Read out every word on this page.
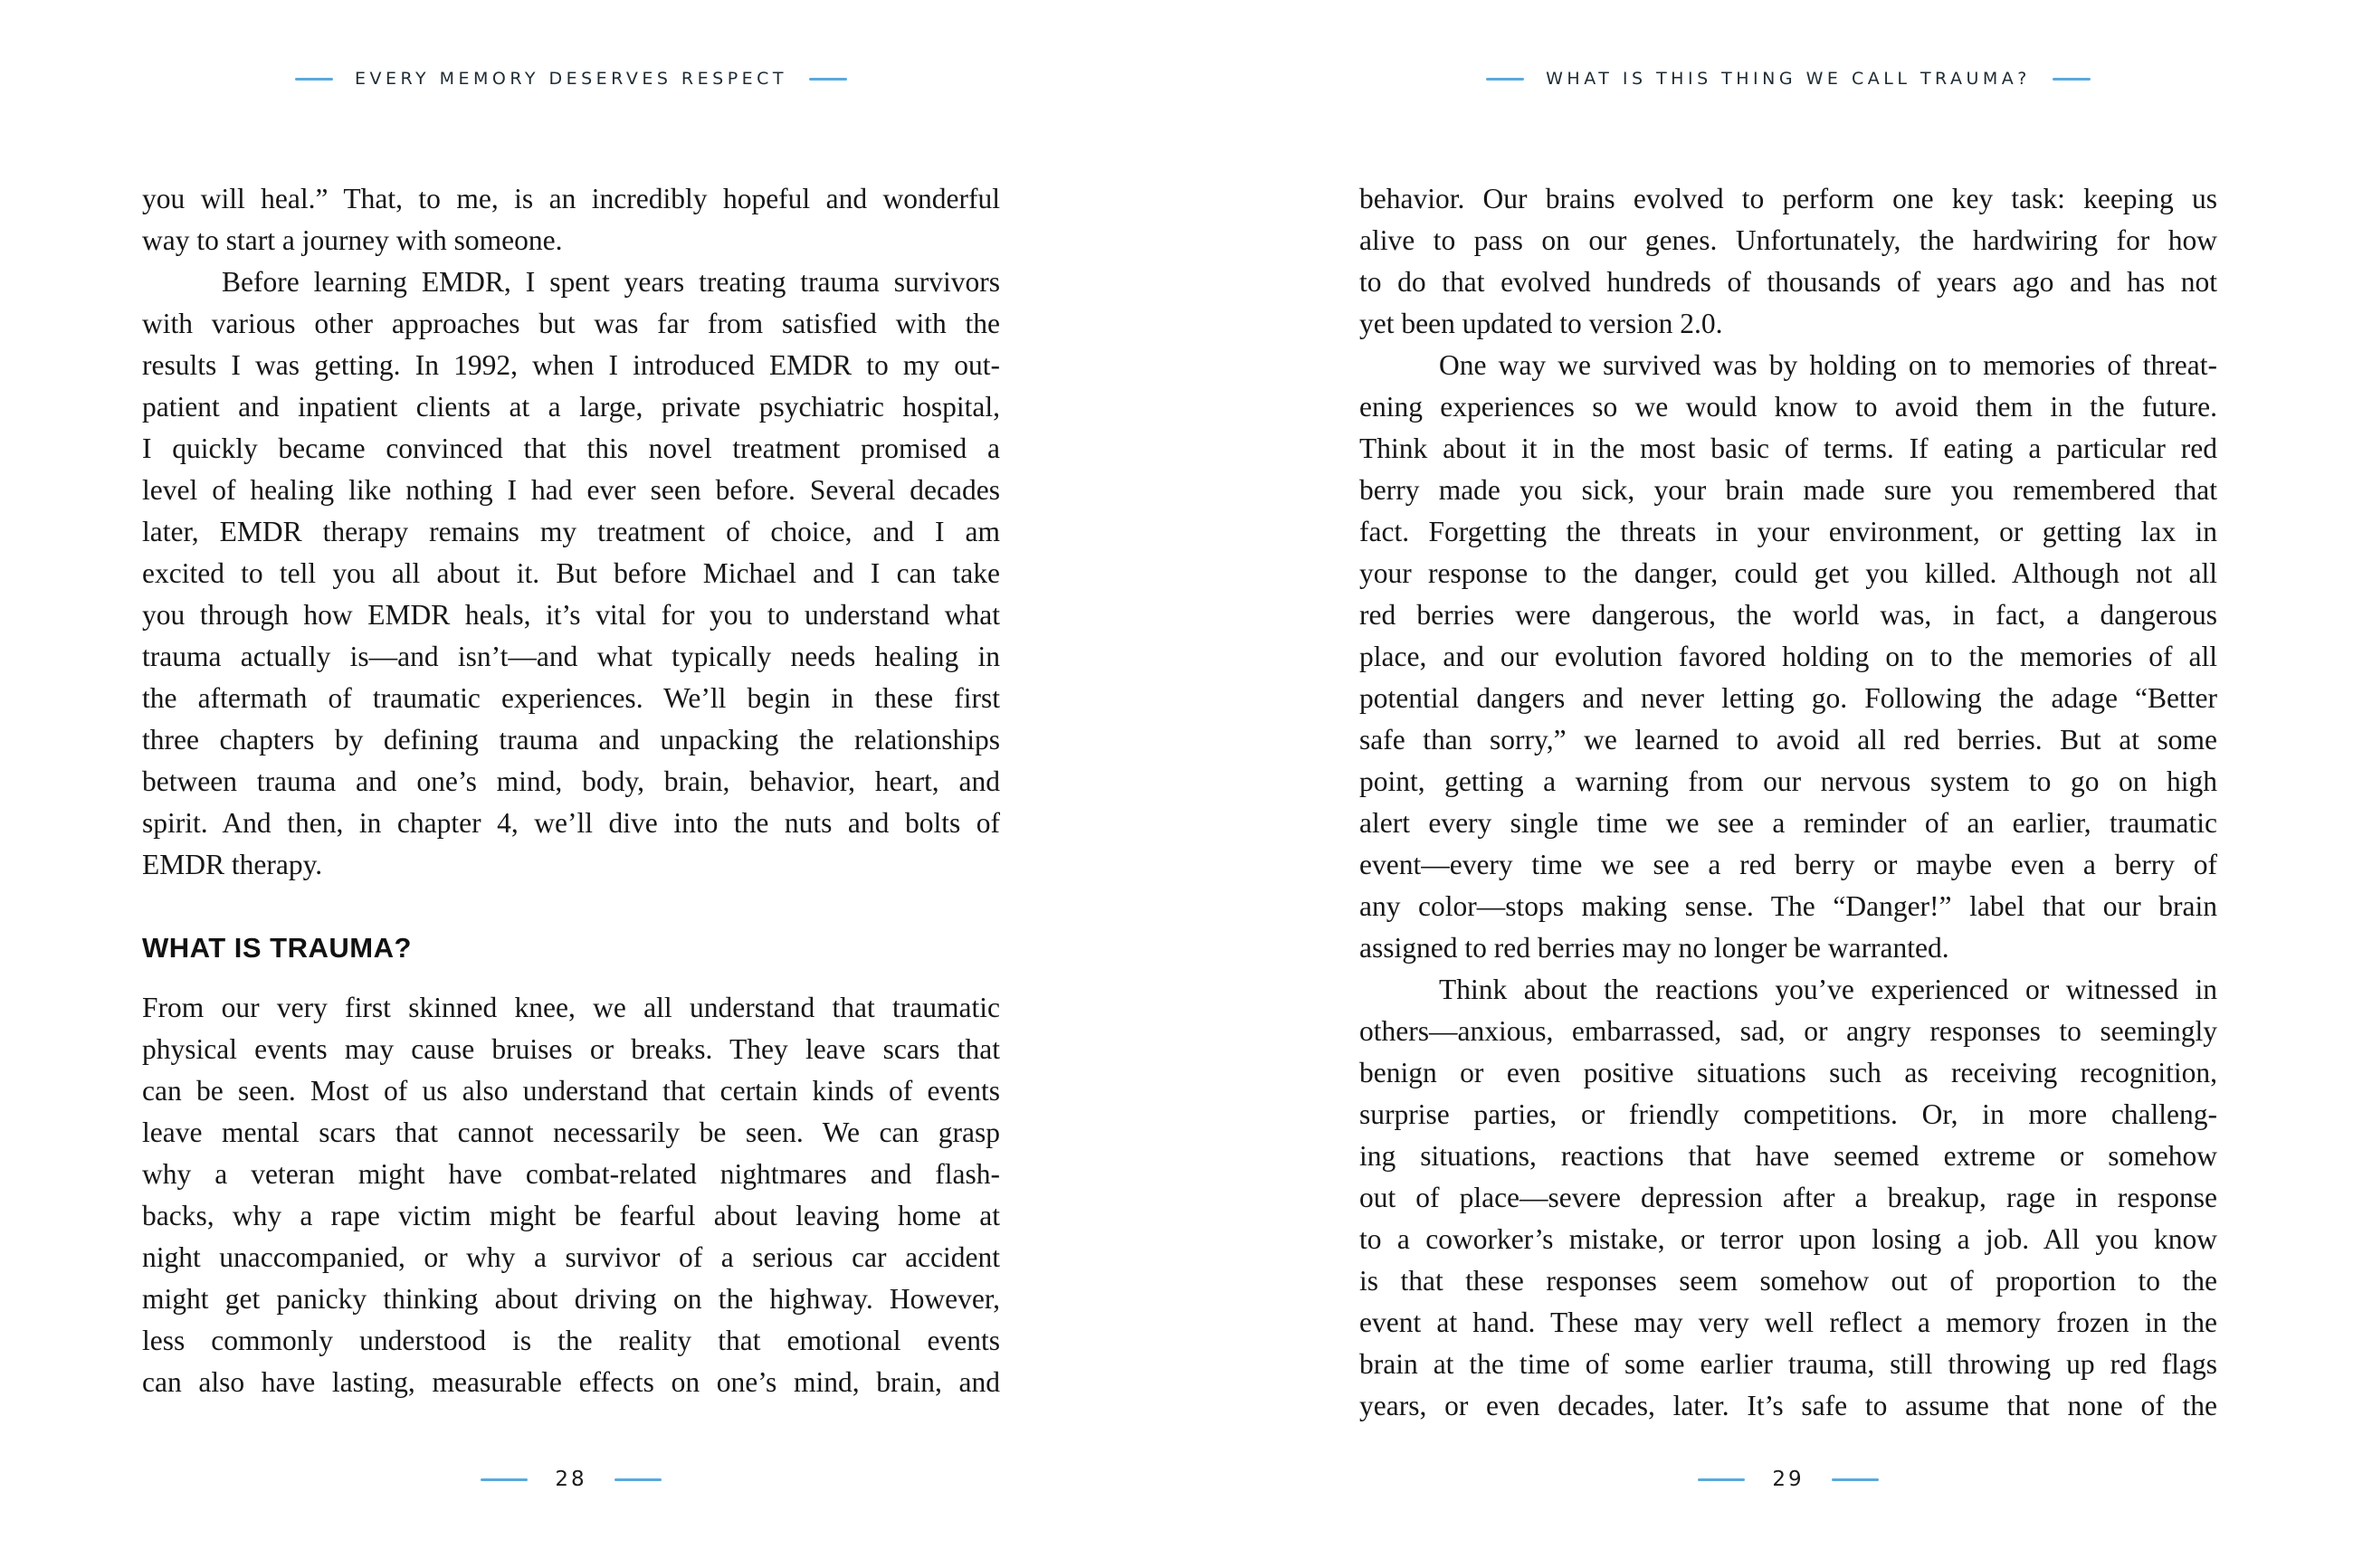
EVERY MEMORY DESERVES RESPECT

you will heal.” That, to me, is an incredibly hopeful and wonderful
way to start a journey with someone.

Before learning EMDR, I spent years treating trauma survivors
with various other approaches but was far from satisfied with the
results I was getting. In 1992, when I introduced EMDR to my out-
patient and inpatient clients at a large, private psychiatric hospital,
I quickly became convinced that this novel treatment promised a
level of healing like nothing I had ever seen before. Several decades
later, EMDR therapy remains my treatment of choice, and I am
excited to tell you all about it. But before Michael and I can take
you through how EMDR heals, it’s vital for you to understand what
trauma actually is—and isn’t—and what typically needs healing in
the aftermath of traumatic experiences. We’ll begin in these first
three chapters by defining trauma and unpacking the relationships
between trauma and one’s mind, body, brain, behavior, heart, and
spirit. And then, in chapter 4, we’ll dive into the nuts and bolts of
EMDR therapy.

WHAT IS TRAUMA?

From our very first skinned knee, we all understand that traumatic
physical events may cause bruises or breaks. They leave scars that
can be seen. Most of us also understand that certain kinds of events
leave mental scars that cannot necessarily be seen. We can grasp
why a veteran might have combat-related nightmares and flash-
backs, why a rape victim might be fearful about leaving home at
night unaccompanied, or why a survivor of a serious car accident
might get panicky thinking about driving on the highway. However,
less commonly understood is the reality that emotional events
can also have lasting, measurable effects on one’s mind, brain, and

28
WHAT IS THIS THING WE CALL TRAUMA?

behavior. Our brains evolved to perform one key task: keeping us
alive to pass on our genes. Unfortunately, the hardwiring for how
to do that evolved hundreds of thousands of years ago and has not
yet been updated to version 2.0.

One way we survived was by holding on to memories of threat-
ening experiences so we would know to avoid them in the future.
Think about it in the most basic of terms. If eating a particular red
berry made you sick, your brain made sure you remembered that
fact. Forgetting the threats in your environment, or getting lax in
your response to the danger, could get you killed. Although not all
red berries were dangerous, the world was, in fact, a dangerous
place, and our evolution favored holding on to the memories of all
potential dangers and never letting go. Following the adage “Better
safe than sorry,” we learned to avoid all red berries. But at some
point, getting a warning from our nervous system to go on high
alert every single time we see a reminder of an earlier, traumatic
event—every time we see a red berry or maybe even a berry of
any color—stops making sense. The “Danger!” label that our brain
assigned to red berries may no longer be warranted.

Think about the reactions you’ve experienced or witnessed in
others—anxious, embarrassed, sad, or angry responses to seemingly
benign or even positive situations such as receiving recognition,
surprise parties, or friendly competitions. Or, in more challeng-
ing situations, reactions that have seemed extreme or somehow
out of place—severe depression after a breakup, rage in response
to a coworker’s mistake, or terror upon losing a job. All you know
is that these responses seem somehow out of proportion to the
event at hand. These may very well reflect a memory frozen in the
brain at the time of some earlier trauma, still throwing up red flags
years, or even decades, later. It’s safe to assume that none of the

29
